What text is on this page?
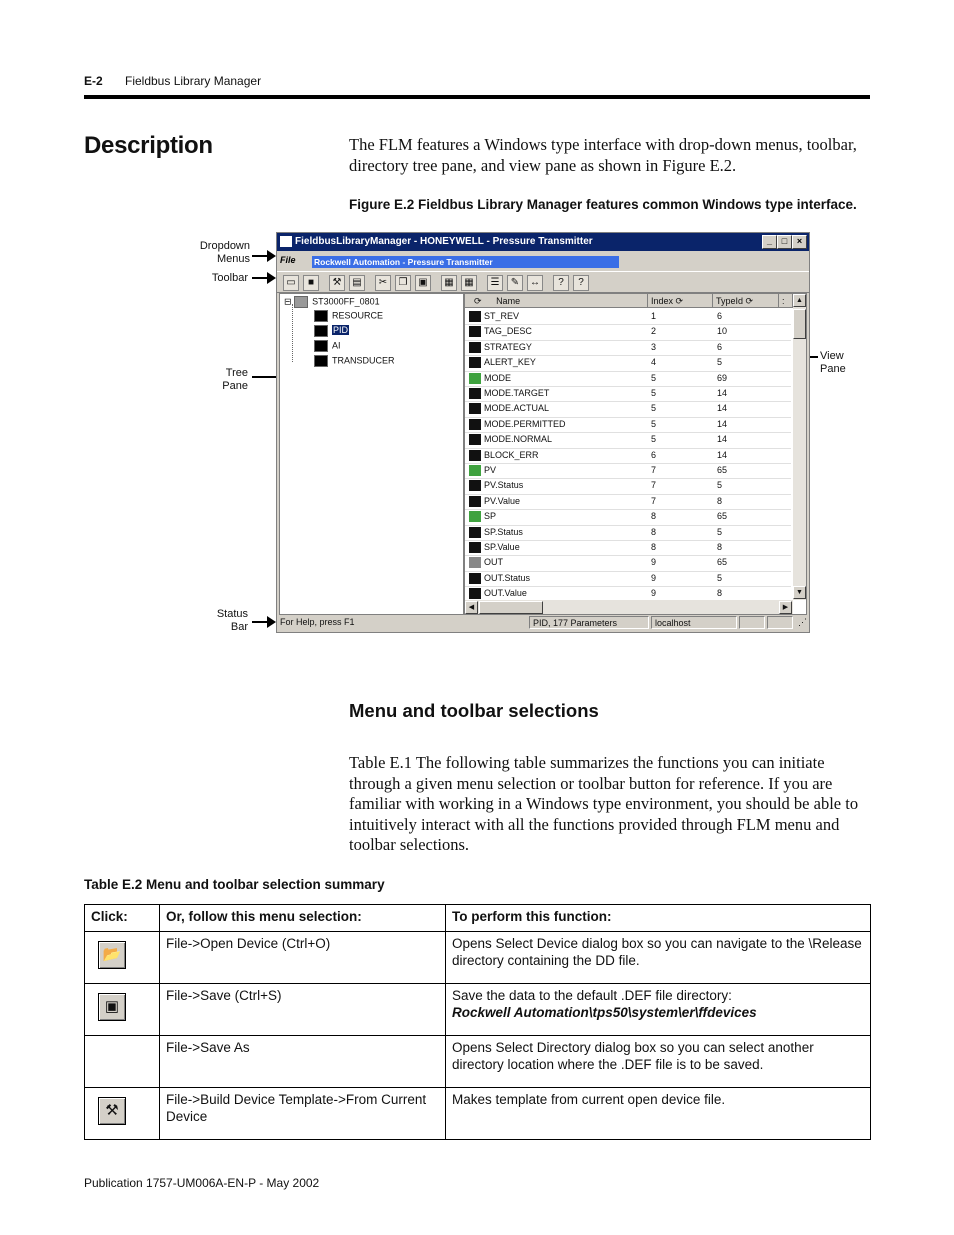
E-2 Fieldbus Library Manager
Description	The FLM features a Windows type interface with drop-down menus, toolbar, directory tree pane, and view pane as shown in Figure E.2.
Figure E.2 Fieldbus Library Manager features common Windows type interface.
Dropdown Menus
Toolbar
Tree Pane
View Pane
Status Bar
FieldbusLibraryManager - HONEYWELL - Pressure Transmitter	_	□	×
File Rockwell Automation - Pressure Transmitter
▭	■	⚒	▤	✂	❐	▣	▦	▦	☰	✎	↔	?	?
⊟ ST3000FF_0801
RESOURCE
PID
AI
TRANSDUCER
⟳ Name	Index ⟳	TypeId ⟳	:
ST_REV	1	6
TAG_DESC	2	10
STRATEGY	3	6
ALERT_KEY	4	5
MODE	5	69
MODE.TARGET	5	14
MODE.ACTUAL	5	14
MODE.PERMITTED	5	14
MODE.NORMAL	5	14
BLOCK_ERR	6	14
PV	7	65
PV.Status	7	5
PV.Value	7	8
SP	8	65
SP.Status	8	5
SP.Value	8	8
OUT	9	65
OUT.Status	9	5
OUT.Value	9	8
▲
▼
◀	▶
For Help, press F1	PID, 177 Parameters	localhost	⋰
Menu and toolbar selections
Table E.1 The following table summarizes the functions you can initiate through a given menu selection or toolbar button for reference. If you are familiar with working in a Windows type environment, you should be able to intuitively interact with all the functions provided through FLM menu and toolbar selections.
Table E.2 Menu and toolbar selection summary
Click:	Or, follow this menu selection:	To perform this function:
📂	File->Open Device (Ctrl+O)	Opens Select Device dialog box so you can navigate to the \Release directory containing the DD file.
▣	File->Save (Ctrl+S)	Save the data to the default .DEF file directory:
Rockwell Automation\tps50\system\er\ffdevices
	File->Save As	Opens Select Directory dialog box so you can select another directory location where the .DEF file is to be saved.
⚒	File->Build Device Template->From Current Device	Makes template from current open device file.
Publication 1757-UM006A-EN-P - May 2002
